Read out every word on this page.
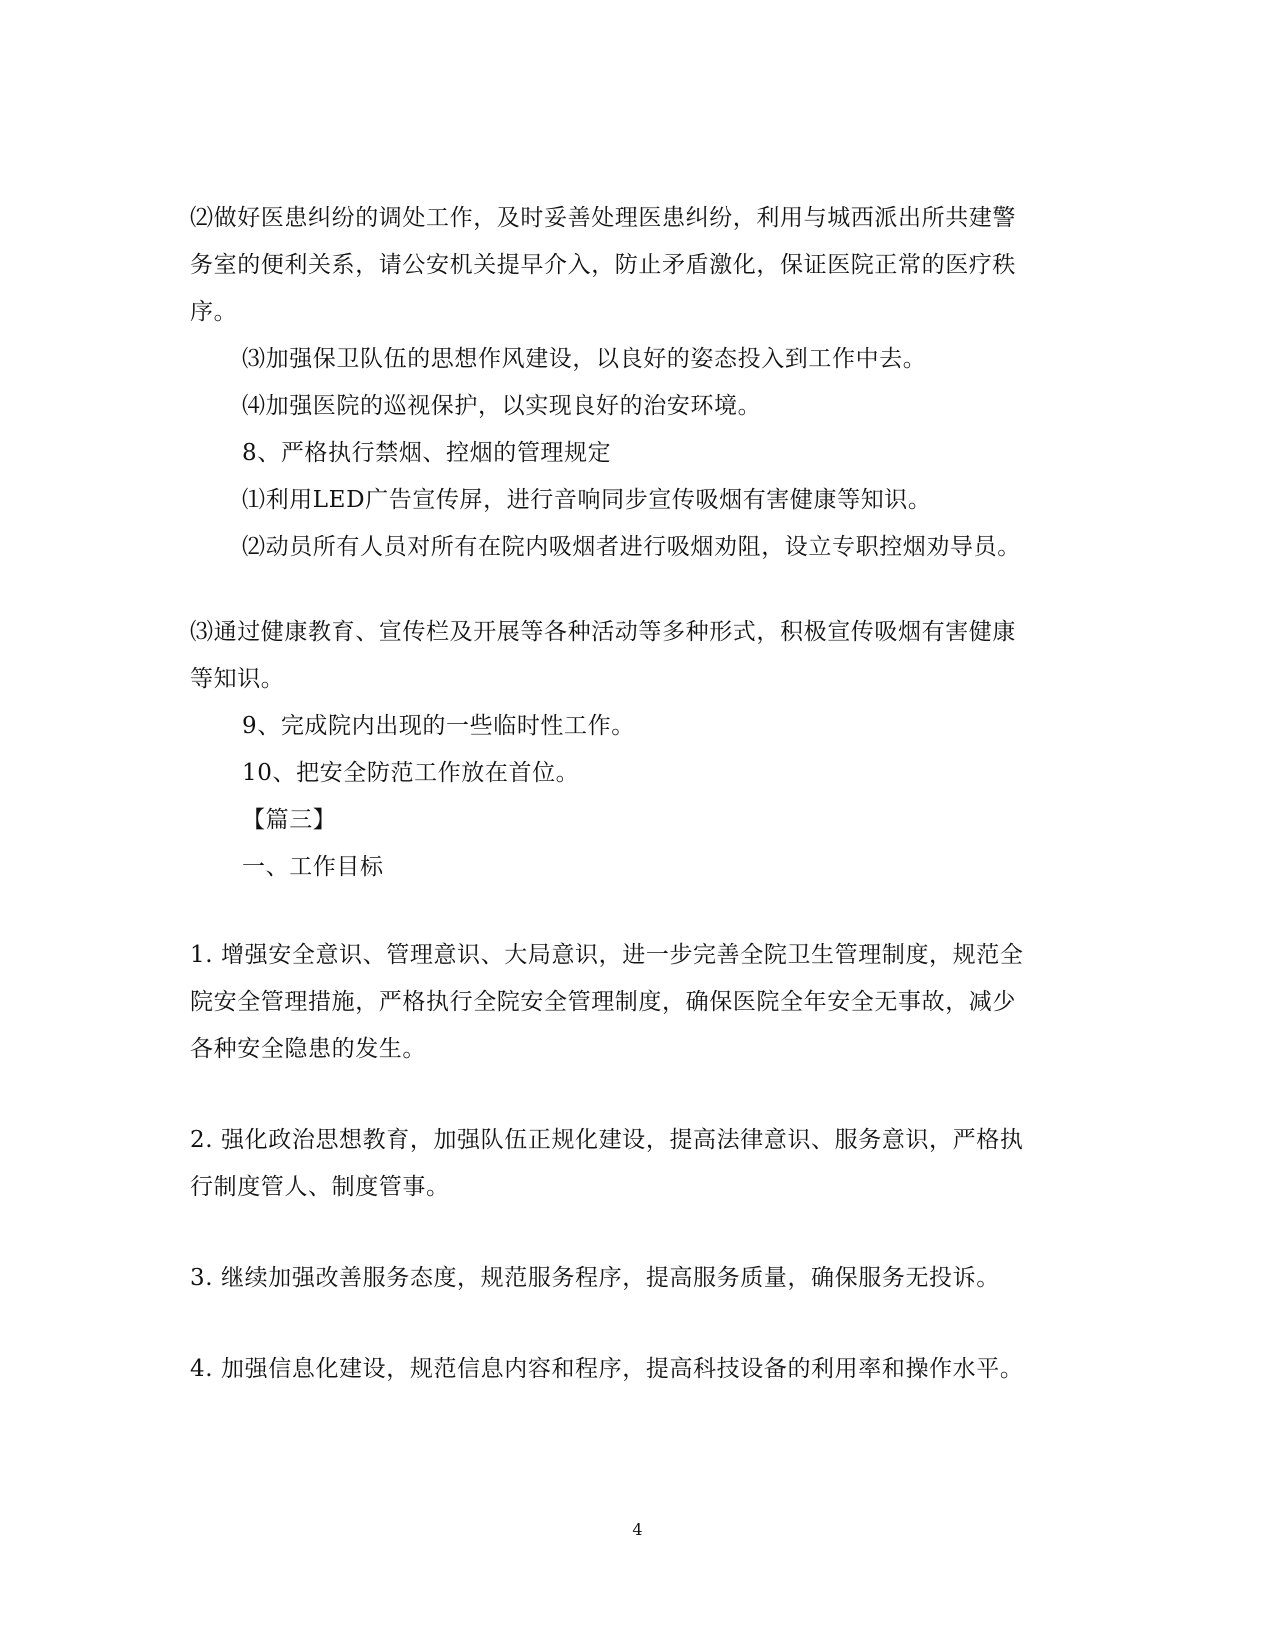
⑵做好医患纠纷的调处工作，及时妥善处理医患纠纷，利用与城西派出所共建警
务室的便利关系，请公安机关提早介入，防止矛盾激化，保证医院正常的医疗秩
序。
⑶加强保卫队伍的思想作风建设，以良好的姿态投入到工作中去。
⑷加强医院的巡视保护，以实现良好的治安环境。
8、严格执行禁烟、控烟的管理规定
⑴利用LED广告宣传屏，进行音响同步宣传吸烟有害健康等知识。
⑵动员所有人员对所有在院内吸烟者进行吸烟劝阻，设立专职控烟劝导员。
⑶通过健康教育、宣传栏及开展等各种活动等多种形式，积极宣传吸烟有害健康
等知识。
9、完成院内出现的一些临时性工作。
10、把安全防范工作放在首位。
【篇三】
一、工作目标
1. 增强安全意识、管理意识、大局意识，进一步完善全院卫生管理制度，规范全
院安全管理措施，严格执行全院安全管理制度，确保医院全年安全无事故，减少
各种安全隐患的发生。
2. 强化政治思想教育，加强队伍正规化建设，提高法律意识、服务意识，严格执
行制度管人、制度管事。
3. 继续加强改善服务态度，规范服务程序，提高服务质量，确保服务无投诉。
4. 加强信息化建设，规范信息内容和程序，提高科技设备的利用率和操作水平。
4
